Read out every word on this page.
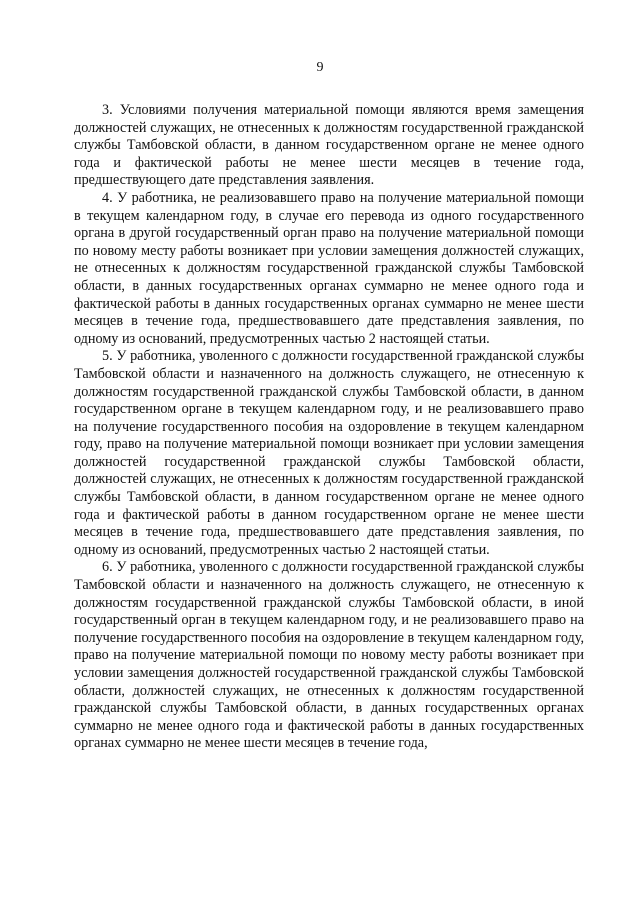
9

3. Условиями получения материальной помощи являются время замещения должностей служащих, не отнесенных к должностям государственной гражданской службы Тамбовской области, в данном государственном органе не менее одного года и фактической работы не менее шести месяцев в течение года, предшествующего дате представления заявления.

4. У работника, не реализовавшего право на получение материальной помощи в текущем календарном году, в случае его перевода из одного государственного органа в другой государственный орган право на получение материальной помощи по новому месту работы возникает при условии замещения должностей служащих, не отнесенных к должностям государственной гражданской службы Тамбовской области, в данных государственных органах суммарно не менее одного года и фактической работы в данных государственных органах суммарно не менее шести месяцев в течение года, предшествовавшего дате представления заявления, по одному из оснований, предусмотренных частью 2 настоящей статьи.

5. У работника, уволенного с должности государственной гражданской службы Тамбовской области и назначенного на должность служащего, не отнесенную к должностям государственной гражданской службы Тамбовской области, в данном государственном органе в текущем календарном году, и не реализовавшего право на получение государственного пособия на оздоровление в текущем календарном году, право на получение материальной помощи возникает при условии замещения должностей государственной гражданской службы Тамбовской области, должностей служащих, не отнесенных к должностям государственной гражданской службы Тамбовской области, в данном государственном органе не менее одного года и фактической работы в данном государственном органе не менее шести месяцев в течение года, предшествовавшего дате представления заявления, по одному из оснований, предусмотренных частью 2 настоящей статьи.

6. У работника, уволенного с должности государственной гражданской службы Тамбовской области и назначенного на должность служащего, не отнесенную к должностям государственной гражданской службы Тамбовской области, в иной государственный орган в текущем календарном году, и не реализовавшего право на получение государственного пособия на оздоровление в текущем календарном году, право на получение материальной помощи по новому месту работы возникает при условии замещения должностей государственной гражданской службы Тамбовской области, должностей служащих, не отнесенных к должностям государственной гражданской службы Тамбовской области, в данных государственных органах суммарно не менее одного года и фактической работы в данных государственных органах суммарно не менее шести месяцев в течение года,
